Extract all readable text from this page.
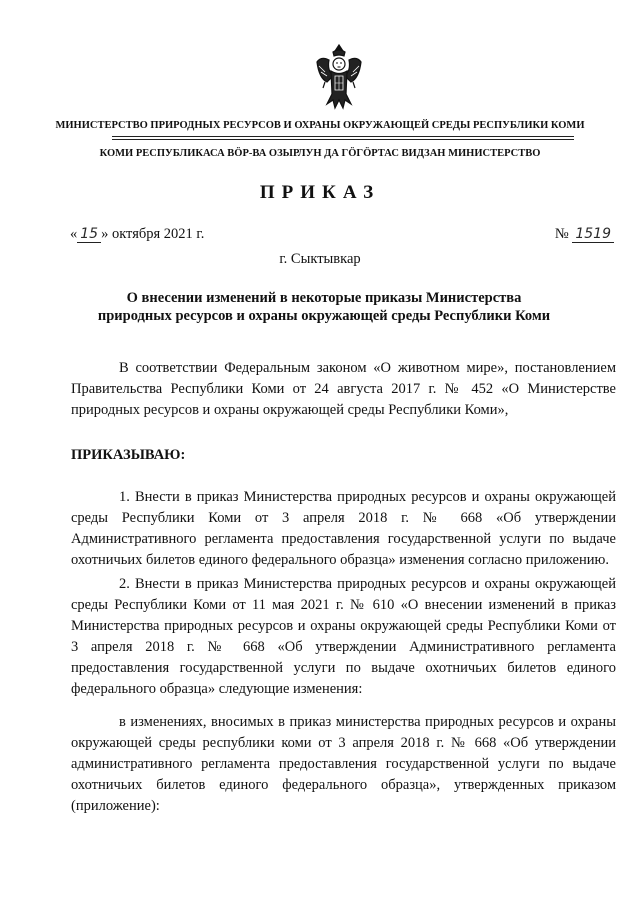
МИНИСТЕРСТВО ПРИРОДНЫХ РЕСУРСОВ И ОХРАНЫ ОКРУЖАЮЩЕЙ СРЕДЫ РЕСПУБЛИКИ КОМИ
КОМИ РЕСПУБЛИКАСА ВӦР-ВА ОЗЫРЛУН ДА ГӦГӦРТАС ВИДЗАН МИНИСТЕРСТВО
ПРИКАЗ
« 15 » октября 2021 г.	№ 1519
г. Сыктывкар
О внесении изменений в некоторые приказы Министерства природных ресурсов и охраны окружающей среды Республики Коми
В соответствии Федеральным законом «О животном мире», постановлением Правительства Республики Коми от 24 августа 2017 г. № 452 «О Министерстве природных ресурсов и охраны окружающей среды Республики Коми»,
ПРИКАЗЫВАЮ:
1. Внести в приказ Министерства природных ресурсов и охраны окружающей среды Республики Коми от 3 апреля 2018 г. № 668 «Об утверждении Административного регламента предоставления государственной услуги по выдаче охотничьих билетов единого федерального образца» изменения согласно приложению.
2. Внести в приказ Министерства природных ресурсов и охраны окружающей среды Республики Коми от 11 мая 2021 г. № 610 «О внесении изменений в приказ Министерства природных ресурсов и охраны окружающей среды Республики Коми от 3 апреля 2018 г. № 668 «Об утверждении Административного регламента предоставления государственной услуги по выдаче охотничьих билетов единого федерального образца» следующие изменения:
в изменениях, вносимых в приказ министерства природных ресурсов и охраны окружающей среды республики коми от 3 апреля 2018 г. № 668 «Об утверждении административного регламента предоставления государственной услуги по выдаче охотничьих билетов единого федерального образца», утвержденных приказом (приложение):
